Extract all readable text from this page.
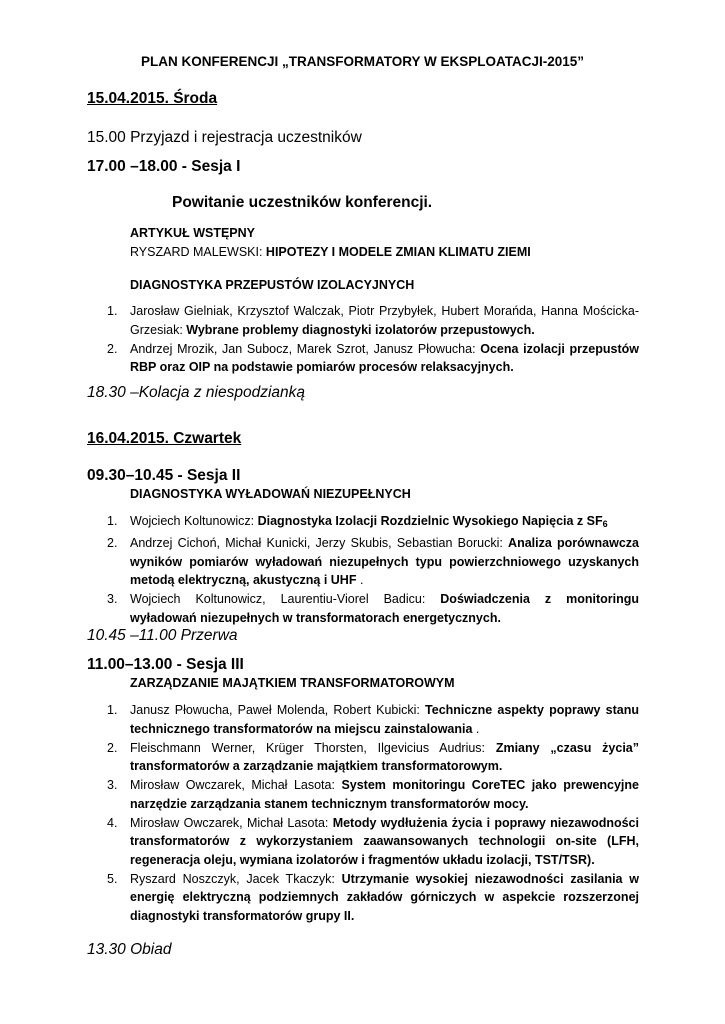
PLAN KONFERENCJI „TRANSFORMATORY W EKSPLOATACJI-2015”
15.04.2015. Środa
15.00 Przyjazd i rejestracja uczestników
17.00 –18.00 - Sesja I
Powitanie uczestników konferencji.
ARTYKUŁ WSTĘPNY
RYSZARD MALEWSKI: HIPOTEZY I MODELE ZMIAN KLIMATU ZIEMI
DIAGNOSTYKA PRZEPUSTÓW IZOLACYJNYCH
1. Jarosław Gielniak, Krzysztof Walczak, Piotr Przybyłek, Hubert Morańda, Hanna Mościcka-Grzesiak: Wybrane problemy diagnostyki izolatorów przepustowych.
2. Andrzej Mrozik, Jan Subocz, Marek Szrot, Janusz Płowucha: Ocena izolacji przepustów RBP oraz OIP na podstawie pomiarów procesów relaksacyjnych.
18.30 –Kolacja z niespodzianką
16.04.2015. Czwartek
09.30–10.45 - Sesja II
DIAGNOSTYKA WYŁADOWAŃ NIEZUPEŁNYCH
1. Wojciech Koltunowicz: Diagnostyka Izolacji Rozdzielnic Wysokiego Napięcia z $SF_6$
2. Andrzej Cichoń, Michał Kunicki, Jerzy Skubis, Sebastian Borucki: Analiza porównawcza wyników pomiarów wyładowań niezupełnych typu powierzchniowego uzyskanych metodą elektryczną, akustyczną i UHF .
3. Wojciech Koltunowicz, Laurentiu-Viorel Badicu: Doświadczenia z monitoringu wyładowań niezupełnych w transformatorach energetycznych.
10.45 –11.00 Przerwa
11.00–13.00 - Sesja III
ZARZĄDZANIE MAJĄTKIEM TRANSFORMATOROWYM
1. Janusz Płowucha, Paweł Molenda, Robert Kubicki: Techniczne aspekty poprawy stanu technicznego transformatorów na miejscu zainstalowania .
2. Fleischmann Werner, Krüger Thorsten, Ilgevicius Audrius: Zmiany „czasu życia” transformatorów a zarządzanie majątkiem transformatorowym.
3. Mirosław Owczarek, Michał Lasota: System monitoringu CoreTEC jako prewencyjne narzędzie zarządzania stanem technicznym transformatorów mocy.
4. Mirosław Owczarek, Michał Lasota: Metody wydłużenia życia i poprawy niezawodności transformatorów z wykorzystaniem zaawansowanych technologii on-site (LFH, regeneracja oleju, wymiana izolatorów i fragmentów układu izolacji, TST/TSR).
5. Ryszard Noszczyk, Jacek Tkaczyk: Utrzymanie wysokiej niezawodności zasilania w energię elektryczną podziemnych zakładów górniczych w aspekcie rozszerzonej diagnostyki transformatorów grupy II.
13.30 Obiad
